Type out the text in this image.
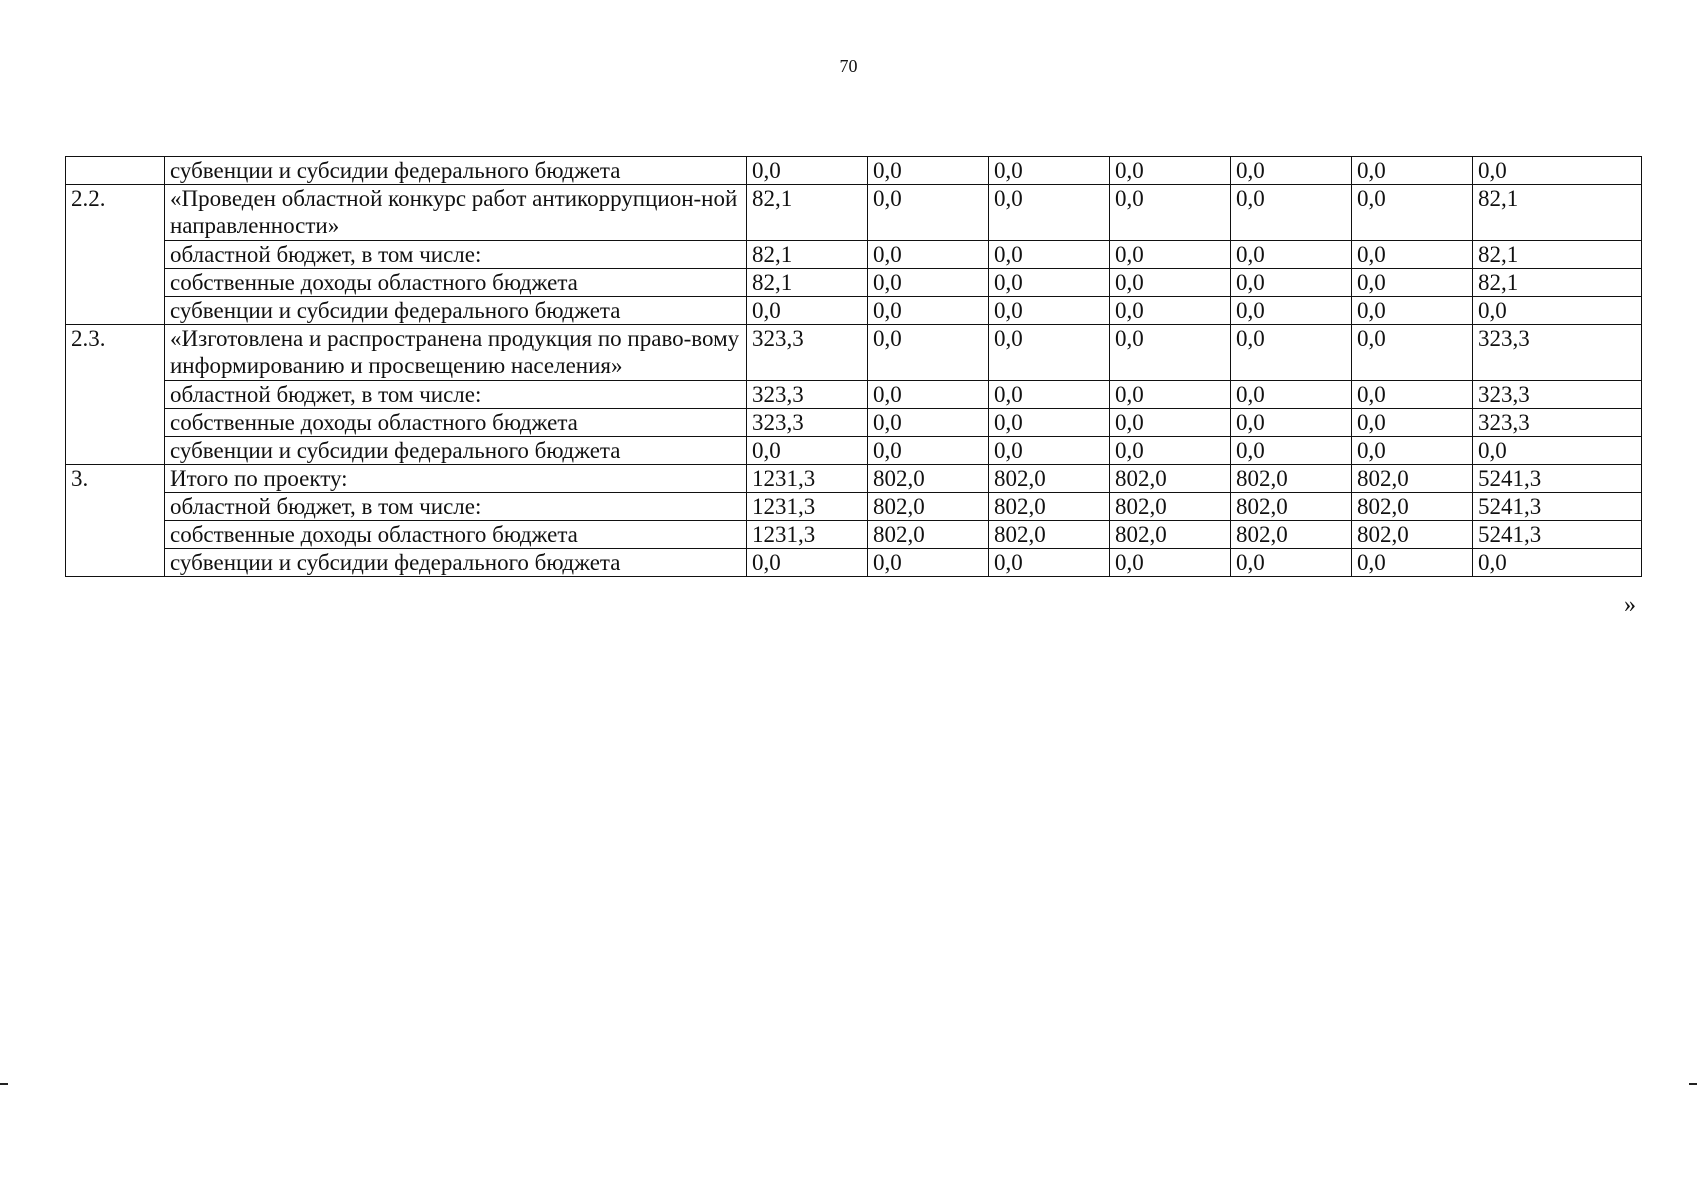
70
	субвенции и субсидии федерального бюджета	0,0	0,0	0,0	0,0	0,0	0,0	0,0
2.2.	«Проведен областной конкурс работ антикоррупцион-ной направленности»	82,1	0,0	0,0	0,0	0,0	0,0	82,1
	областной бюджет, в том числе:	82,1	0,0	0,0	0,0	0,0	0,0	82,1
	собственные доходы областного бюджета	82,1	0,0	0,0	0,0	0,0	0,0	82,1
	субвенции и субсидии федерального бюджета	0,0	0,0	0,0	0,0	0,0	0,0	0,0
2.3.	«Изготовлена и распространена продукция по право-вому информированию и просвещению населения»	323,3	0,0	0,0	0,0	0,0	0,0	323,3
	областной бюджет, в том числе:	323,3	0,0	0,0	0,0	0,0	0,0	323,3
	собственные доходы областного бюджета	323,3	0,0	0,0	0,0	0,0	0,0	323,3
	субвенции и субсидии федерального бюджета	0,0	0,0	0,0	0,0	0,0	0,0	0,0
3.	Итого по проекту:	1231,3	802,0	802,0	802,0	802,0	802,0	5241,3
	областной бюджет, в том числе:	1231,3	802,0	802,0	802,0	802,0	802,0	5241,3
	собственные доходы областного бюджета	1231,3	802,0	802,0	802,0	802,0	802,0	5241,3
	субвенции и субсидии федерального бюджета	0,0	0,0	0,0	0,0	0,0	0,0	0,0
»
